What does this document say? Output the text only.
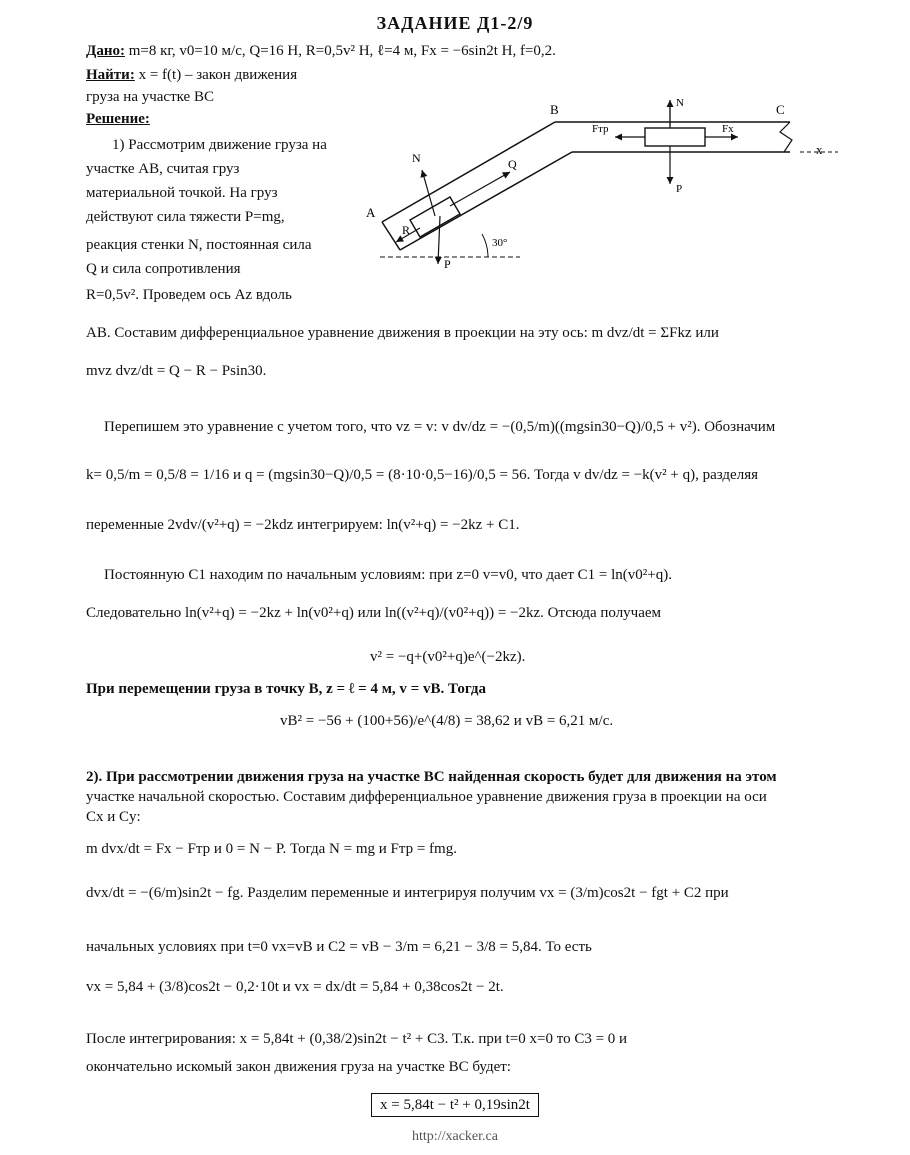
ЗАДАНИЕ Д1-2/9
Дано: m=8 кг, v0=10 м/с, Q=16 Н, R=0,5v² Н, ℓ=4 м, Fx = −6sin2t Н, f=0,2.
Найти: x = f(t) – закон движения
груза на участке BC
Решение:
1) Рассмотрим движение груза на
участке AB, считая груз
материальной точкой. На груз
действуют сила тяжести P=mg,
реакция стенки N, постоянная сила
Q и сила сопротивления
R=0,5v². Проведем ось Az вдоль
A
B	C
x
N
P
Q
R
Fx
Fтр
N
P
30°
AB. Составим дифференциальное уравнение движения в проекции на эту ось: m dvz/dt = ΣFkz или
mvz dvz/dt = Q − R − Psin30.
Перепишем это уравнение с учетом того, что vz = v: v dv/dz = −(0,5/m)((mgsin30−Q)/0,5 + v²). Обозначим
k= 0,5/m = 0,5/8 = 1/16 и q = (mgsin30−Q)/0,5 = (8·10·0,5−16)/0,5 = 56. Тогда v dv/dz = −k(v² + q), разделяя
переменные 2vdv/(v²+q) = −2kdz интегрируем: ln(v²+q) = −2kz + C1.
Постоянную C1 находим по начальным условиям: при z=0 v=v0, что дает C1 = ln(v0²+q).
Следовательно ln(v²+q) = −2kz + ln(v0²+q) или ln((v²+q)/(v0²+q)) = −2kz. Отсюда получаем
v² = −q+(v0²+q)e^(−2kz).
При перемещении груза в точку B, z = ℓ = 4 м, v = vB. Тогда
vB² = −56 + (100+56)/e^(4/8) = 38,62 и vB = 6,21 м/с.
2). При рассмотрении движения груза на участке BC найденная скорость будет для движения на этом
участке начальной скоростью. Составим дифференциальное уравнение движения груза в проекции на оси
Cx и Cy:
m dvx/dt = Fx − Fтр и 0 = N − P. Тогда N = mg и Fтр = fmg.
dvx/dt = −(6/m)sin2t − fg. Разделим переменные и интегрируя получим vx = (3/m)cos2t − fgt + C2 при
начальных условиях при t=0 vx=vB и C2 = vB − 3/m = 6,21 − 3/8 = 5,84. То есть
vx = 5,84 + (3/8)cos2t − 0,2·10t и vx = dx/dt = 5,84 + 0,38cos2t − 2t.
После интегрирования: x = 5,84t + (0,38/2)sin2t − t² + C3. Т.к. при t=0 x=0 то C3 = 0 и
окончательно искомый закон движения груза на участке BC будет:
x = 5,84t − t² + 0,19sin2t
http://xacker.ca
